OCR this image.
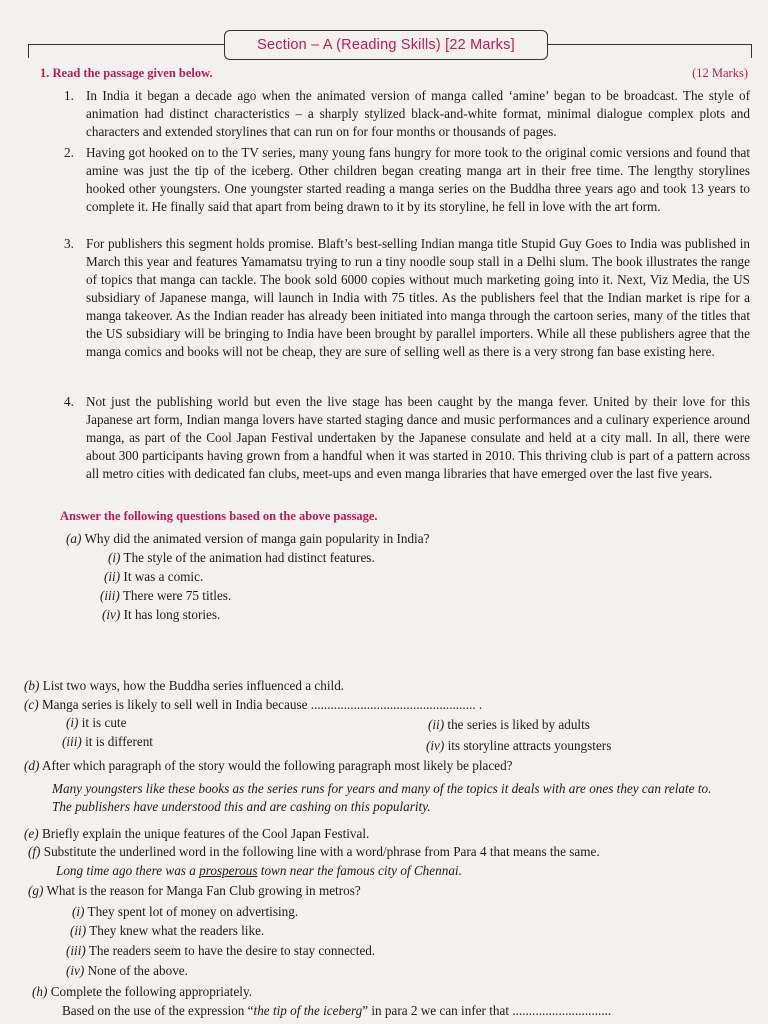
Section – A (Reading Skills) [22 Marks]
1. Read the passage given below.	(12 Marks)
1. In India it began a decade ago when the animated version of manga called ‘amine’ began to be broadcast. The style of animation had distinct characteristics – a sharply stylized black-and-white format, minimal dialogue complex plots and characters and extended storylines that can run on for four months or thousands of pages.
2. Having got hooked on to the TV series, many young fans hungry for more took to the original comic versions and found that amine was just the tip of the iceberg. Other children began creating manga art in their free time. The lengthy storylines hooked other youngsters. One youngster started reading a manga series on the Buddha three years ago and took 13 years to complete it. He finally said that apart from being drawn to it by its storyline, he fell in love with the art form.
3. For publishers this segment holds promise. Blaft’s best-selling Indian manga title Stupid Guy Goes to India was published in March this year and features Yamamatsu trying to run a tiny noodle soup stall in a Delhi slum. The book illustrates the range of topics that manga can tackle. The book sold 6000 copies without much marketing going into it. Next, Viz Media, the US subsidiary of Japanese manga, will launch in India with 75 titles. As the publishers feel that the Indian market is ripe for a manga takeover. As the Indian reader has already been initiated into manga through the cartoon series, many of the titles that the US subsidiary will be bringing to India have been brought by parallel importers. While all these publishers agree that the manga comics and books will not be cheap, they are sure of selling well as there is a very strong fan base existing here.
4. Not just the publishing world but even the live stage has been caught by the manga fever. United by their love for this Japanese art form, Indian manga lovers have started staging dance and music performances and a culinary experience around manga, as part of the Cool Japan Festival undertaken by the Japanese consulate and held at a city mall. In all, there were about 300 participants having grown from a handful when it was started in 2010. This thriving club is part of a pattern across all metro cities with dedicated fan clubs, meet-ups and even manga libraries that have emerged over the last five years.
Answer the following questions based on the above passage.
(a) Why did the animated version of manga gain popularity in India?
(i) The style of the animation had distinct features.
(ii) It was a comic.
(iii) There were 75 titles.
(iv) It has long stories.
(b) List two ways, how the Buddha series influenced a child.
(c) Manga series is likely to sell well in India because .................................................. .
(i) it is cute	(ii) the series is liked by adults
(iii) it is different	(iv) its storyline attracts youngsters
(d) After which paragraph of the story would the following paragraph most likely be placed?
Many youngsters like these books as the series runs for years and many of the topics it deals with are ones they can relate to. The publishers have understood this and are cashing on this popularity.
(e) Briefly explain the unique features of the Cool Japan Festival.
(f) Substitute the underlined word in the following line with a word/phrase from Para 4 that means the same.
Long time ago there was a prosperous town near the famous city of Chennai.
(g) What is the reason for Manga Fan Club growing in metros?
(i) They spent lot of money on advertising.
(ii) They knew what the readers like.
(iii) The readers seem to have the desire to stay connected.
(iv) None of the above.
(h) Complete the following appropriately.
Based on the use of the expression “the tip of the iceberg” in para 2 we can infer that ..............................
